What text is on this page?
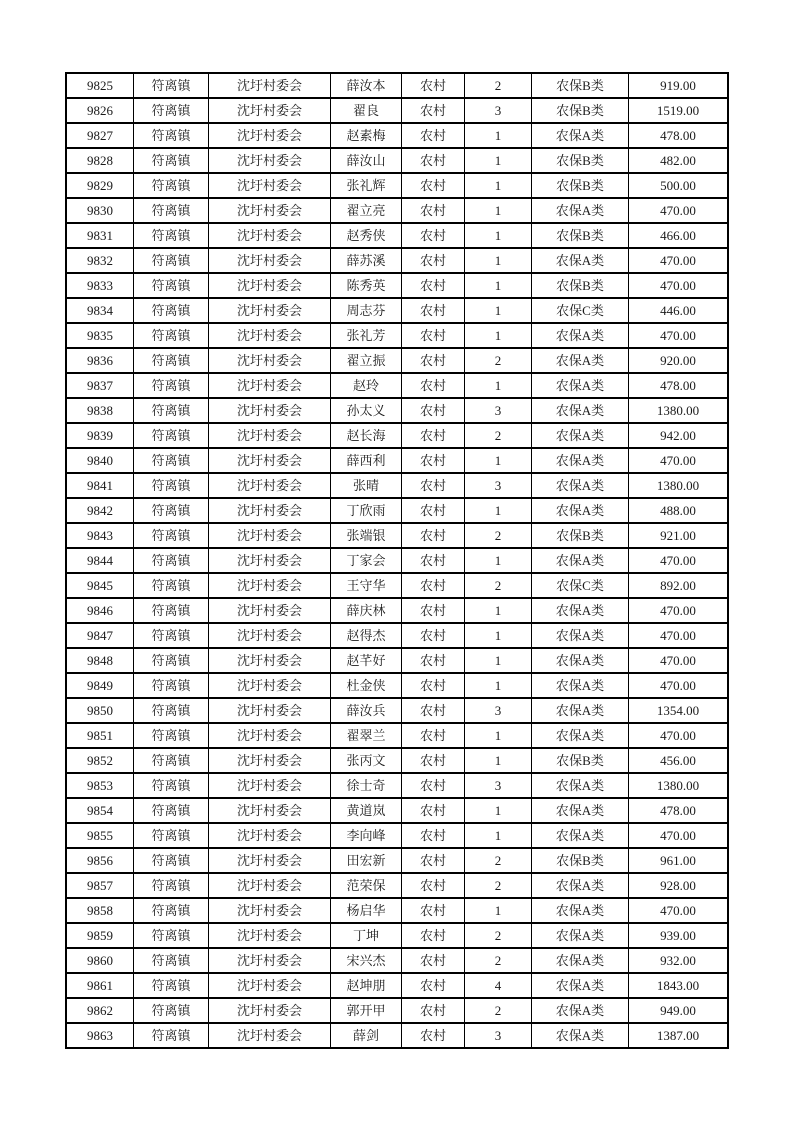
9825	符离镇	沈圩村委会	薛汝本	农村	2	农保B类	919.00
9826	符离镇	沈圩村委会	翟良	农村	3	农保B类	1519.00
9827	符离镇	沈圩村委会	赵素梅	农村	1	农保A类	478.00
9828	符离镇	沈圩村委会	薛汝山	农村	1	农保B类	482.00
9829	符离镇	沈圩村委会	张礼辉	农村	1	农保B类	500.00
9830	符离镇	沈圩村委会	翟立亮	农村	1	农保A类	470.00
9831	符离镇	沈圩村委会	赵秀侠	农村	1	农保B类	466.00
9832	符离镇	沈圩村委会	薛苏溪	农村	1	农保A类	470.00
9833	符离镇	沈圩村委会	陈秀英	农村	1	农保B类	470.00
9834	符离镇	沈圩村委会	周志芬	农村	1	农保C类	446.00
9835	符离镇	沈圩村委会	张礼芳	农村	1	农保A类	470.00
9836	符离镇	沈圩村委会	翟立振	农村	2	农保A类	920.00
9837	符离镇	沈圩村委会	赵玲	农村	1	农保A类	478.00
9838	符离镇	沈圩村委会	孙太义	农村	3	农保A类	1380.00
9839	符离镇	沈圩村委会	赵长海	农村	2	农保A类	942.00
9840	符离镇	沈圩村委会	薛西利	农村	1	农保A类	470.00
9841	符离镇	沈圩村委会	张晴	农村	3	农保A类	1380.00
9842	符离镇	沈圩村委会	丁欣雨	农村	1	农保A类	488.00
9843	符离镇	沈圩村委会	张端银	农村	2	农保B类	921.00
9844	符离镇	沈圩村委会	丁家会	农村	1	农保A类	470.00
9845	符离镇	沈圩村委会	王守华	农村	2	农保C类	892.00
9846	符离镇	沈圩村委会	薛庆林	农村	1	农保A类	470.00
9847	符离镇	沈圩村委会	赵得杰	农村	1	农保A类	470.00
9848	符离镇	沈圩村委会	赵芊好	农村	1	农保A类	470.00
9849	符离镇	沈圩村委会	杜金侠	农村	1	农保A类	470.00
9850	符离镇	沈圩村委会	薛汝兵	农村	3	农保A类	1354.00
9851	符离镇	沈圩村委会	翟翠兰	农村	1	农保A类	470.00
9852	符离镇	沈圩村委会	张丙文	农村	1	农保B类	456.00
9853	符离镇	沈圩村委会	徐士奇	农村	3	农保A类	1380.00
9854	符离镇	沈圩村委会	黄道岚	农村	1	农保A类	478.00
9855	符离镇	沈圩村委会	李向峰	农村	1	农保A类	470.00
9856	符离镇	沈圩村委会	田宏新	农村	2	农保B类	961.00
9857	符离镇	沈圩村委会	范荣保	农村	2	农保A类	928.00
9858	符离镇	沈圩村委会	杨启华	农村	1	农保A类	470.00
9859	符离镇	沈圩村委会	丁坤	农村	2	农保A类	939.00
9860	符离镇	沈圩村委会	宋兴杰	农村	2	农保A类	932.00
9861	符离镇	沈圩村委会	赵坤朋	农村	4	农保A类	1843.00
9862	符离镇	沈圩村委会	郭开甲	农村	2	农保A类	949.00
9863	符离镇	沈圩村委会	薛剑	农村	3	农保A类	1387.00
